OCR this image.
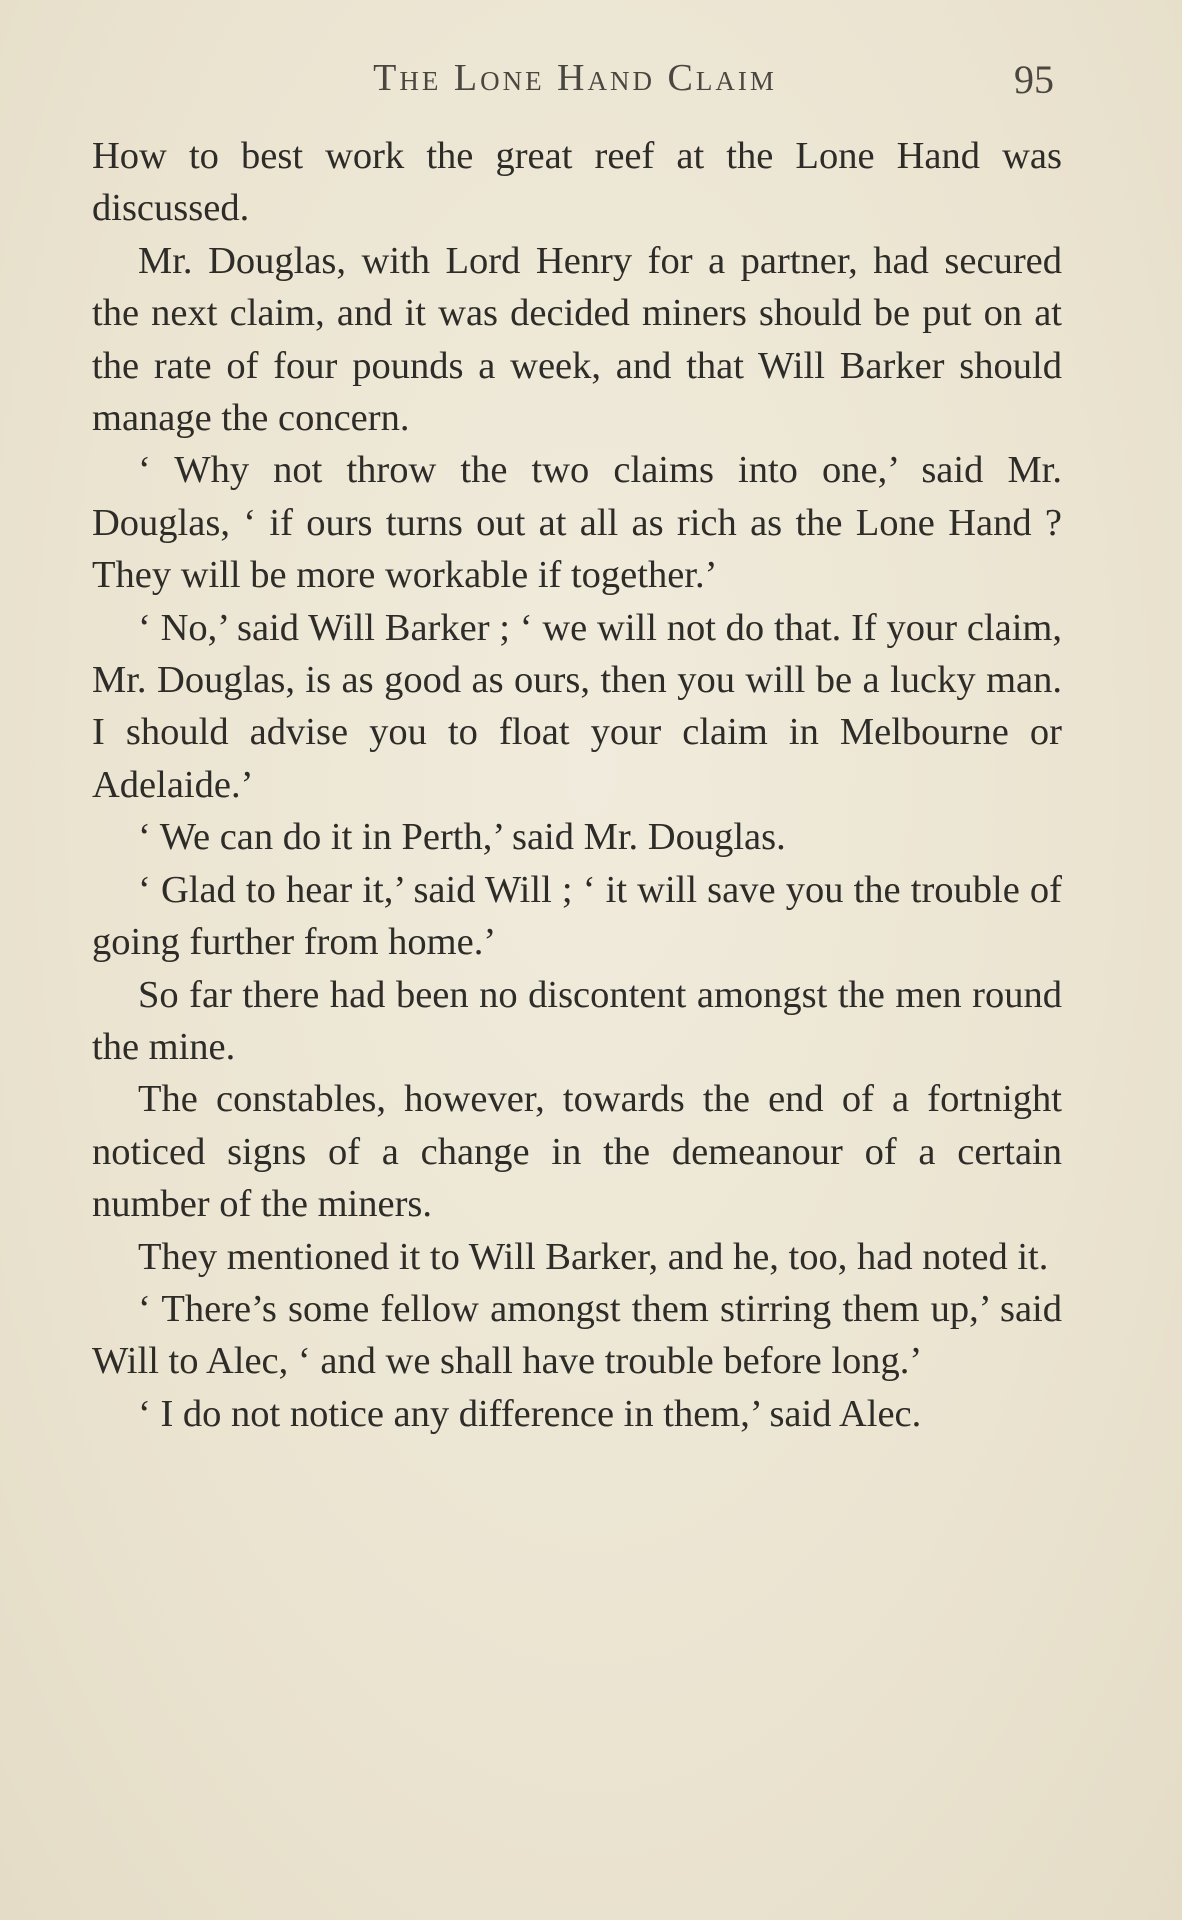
The Lone Hand Claim	95

How to best work the great reef at the Lone Hand was discussed.

Mr. Douglas, with Lord Henry for a partner, had secured the next claim, and it was decided miners should be put on at the rate of four pounds a week, and that Will Barker should manage the concern.

‘ Why not throw the two claims into one,’ said Mr. Douglas, ‘ if ours turns out at all as rich as the Lone Hand ? They will be more workable if together.’

‘ No,’ said Will Barker ; ‘ we will not do that. If your claim, Mr. Douglas, is as good as ours, then you will be a lucky man. I should advise you to float your claim in Melbourne or Adelaide.’

‘ We can do it in Perth,’ said Mr. Douglas.

‘ Glad to hear it,’ said Will ; ‘ it will save you the trouble of going further from home.’

So far there had been no discontent amongst the men round the mine.

The constables, however, towards the end of a fortnight noticed signs of a change in the demeanour of a certain number of the miners.

They mentioned it to Will Barker, and he, too, had noted it.

‘ There’s some fellow amongst them stirring them up,’ said Will to Alec, ‘ and we shall have trouble before long.’

‘ I do not notice any difference in them,’ said Alec.
